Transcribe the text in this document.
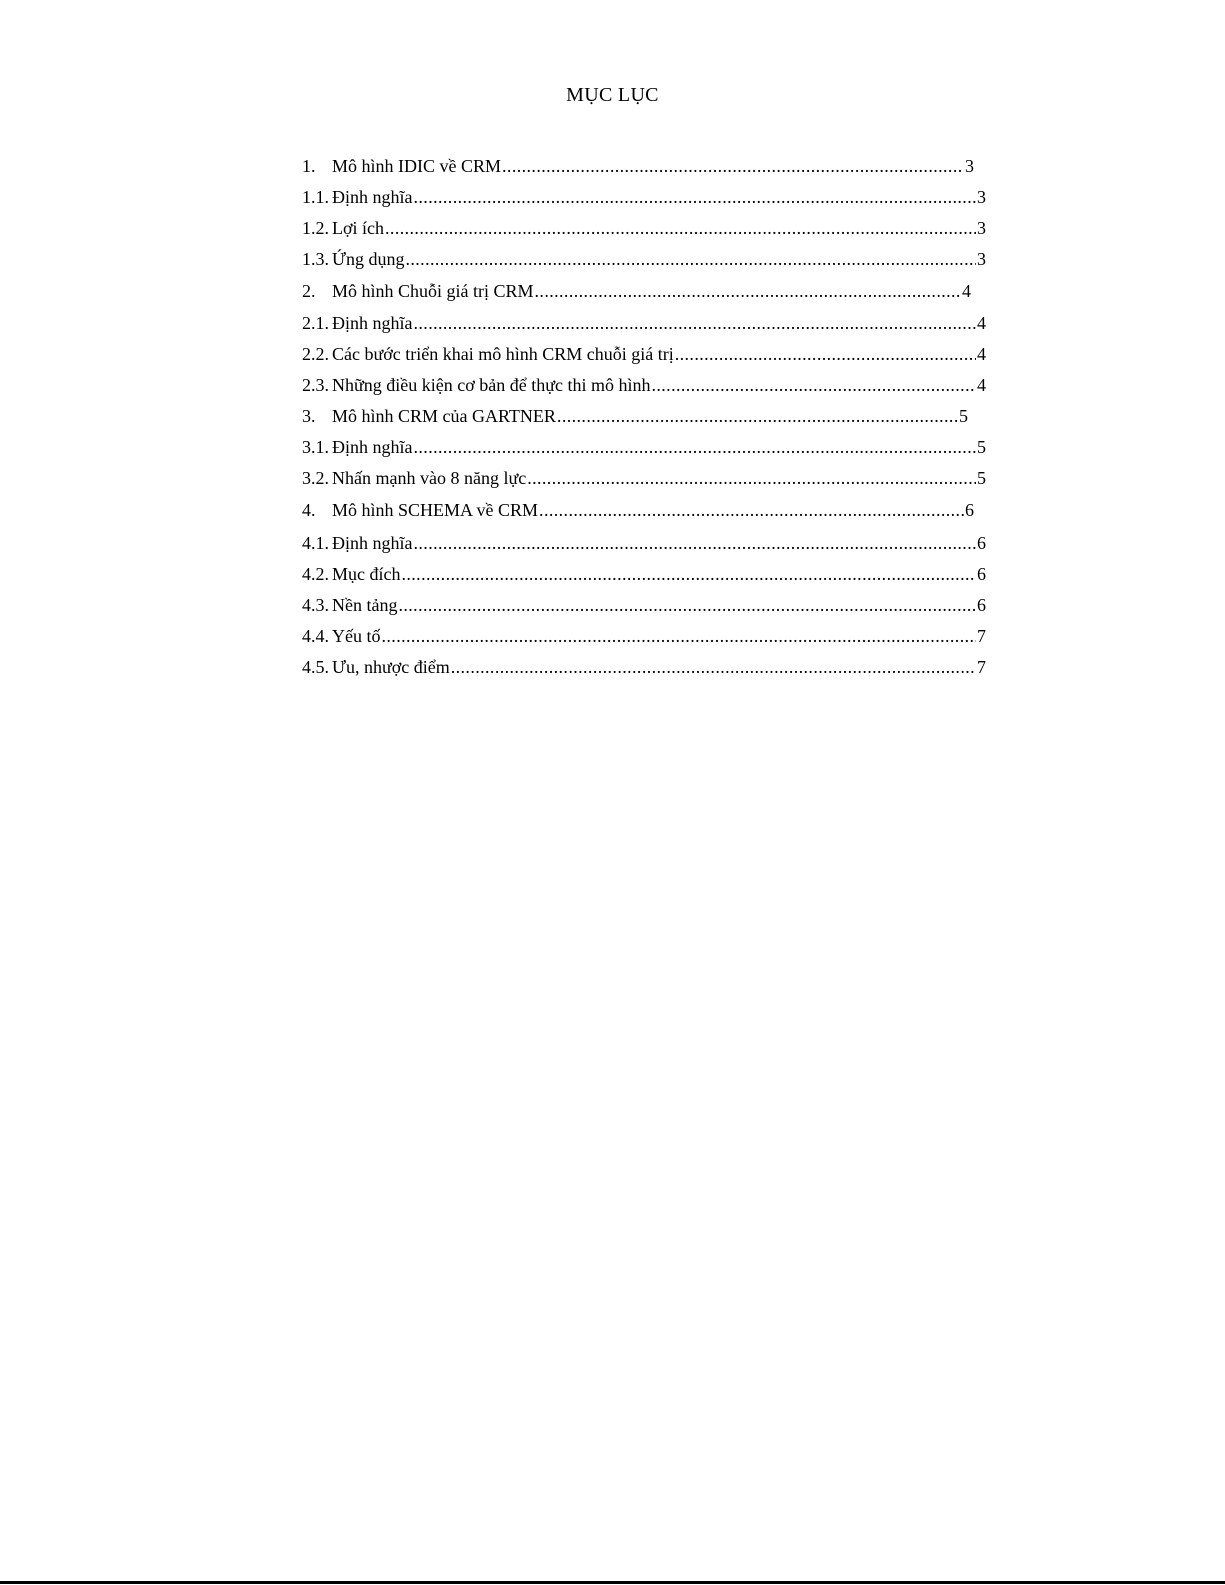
MỤC LỤC
1. Mô hình IDIC về CRM .....	3
1.1. Định nghĩa .....	3
1.2. Lợi ích .....	3
1.3. Ứng dụng .....	3
2. Mô hình Chuỗi giá trị CRM .....	4
2.1. Định nghĩa .....	4
2.2. Các bước triển khai mô hình CRM chuỗi giá trị .....	4
2.3. Những điều kiện cơ bản để thực thi mô hình .....	4
3. Mô hình CRM của GARTNER .....	5
3.1. Định nghĩa .....	5
3.2. Nhấn mạnh vào 8 năng lực .....	5
4. Mô hình SCHEMA về CRM .....	6
4.1. Định nghĩa .....	6
4.2. Mục đích .....	6
4.3. Nền tảng .....	6
4.4. Yếu tố .....	7
4.5. Ưu, nhược điểm .....	7
